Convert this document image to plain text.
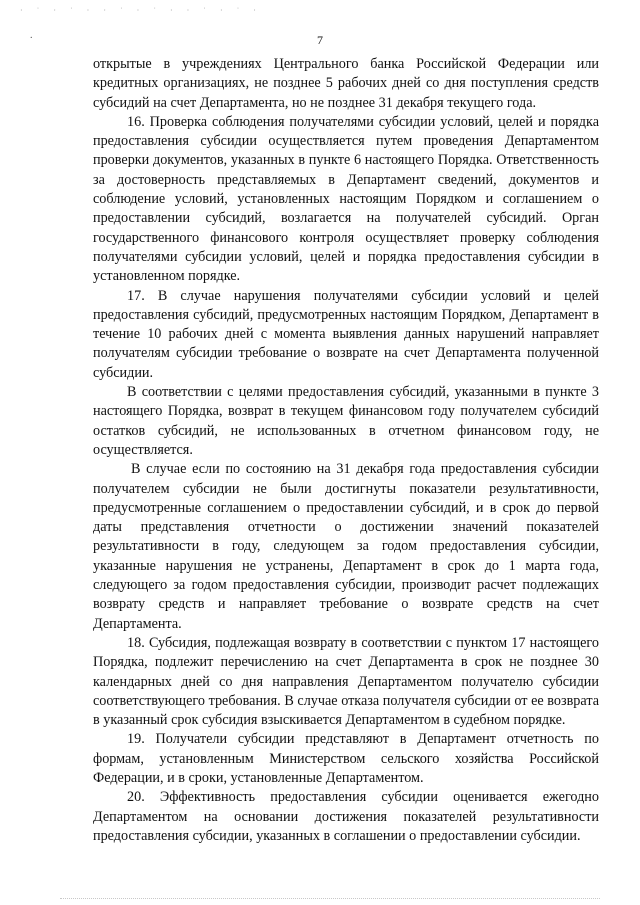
· ˙ · ˙ · · ˙ · ˙ · · ˙ · ˙ ·
.	7

открытые в учреждениях Центрального банка Российской Федерации или кредитных организациях, не позднее 5 рабочих дней со дня поступления средств субсидий на счет Департамента, но не позднее 31 декабря текущего года.

16. Проверка соблюдения получателями субсидии условий, целей и порядка предоставления субсидии осуществляется путем проведения Департаментом проверки документов, указанных в пункте 6 настоящего Порядка. Ответственность за достоверность представляемых в Департамент сведений, документов и соблюдение условий, установленных настоящим Порядком и соглашением о предоставлении субсидий, возлагается на получателей субсидий. Орган государственного финансового контроля осуществляет проверку соблюдения получателями субсидии условий, целей и порядка предоставления субсидии в установленном порядке.

17. В случае нарушения получателями субсидии условий и целей предоставления субсидий, предусмотренных настоящим Порядком, Департамент в течение 10 рабочих дней с момента выявления данных нарушений направляет получателям субсидии требование о возврате на счет Департамента полученной субсидии.

В соответствии с целями предоставления субсидий, указанными в пункте 3 настоящего Порядка, возврат в текущем финансовом году получателем субсидий остатков субсидий, не использованных в отчетном финансовом году, не осуществляется.

В случае если по состоянию на 31 декабря года предоставления субсидии получателем субсидии не были достигнуты показатели результативности, предусмотренные соглашением о предоставлении субсидий, и в срок до первой даты представления отчетности о достижении значений показателей результативности в году, следующем за годом предоставления субсидии, указанные нарушения не устранены, Департамент в срок до 1 марта года, следующего за годом предоставления субсидии, производит расчет подлежащих возврату средств и направляет требование о возврате средств на счет Департамента.

18. Субсидия, подлежащая возврату в соответствии с пунктом 17 настоящего Порядка, подлежит перечислению на счет Департамента в срок не позднее 30 календарных дней со дня направления Департаментом получателю субсидии соответствующего требования. В случае отказа получателя субсидии от ее возврата в указанный срок субсидия взыскивается Департаментом в судебном порядке.

19. Получатели субсидии представляют в Департамент отчетность по формам, установленным Министерством сельского хозяйства Российской Федерации, и в сроки, установленные Департаментом.

20. Эффективность предоставления субсидии оценивается ежегодно Департаментом на основании достижения показателей результативности предоставления субсидии, указанных в соглашении о предоставлении субсидии.
